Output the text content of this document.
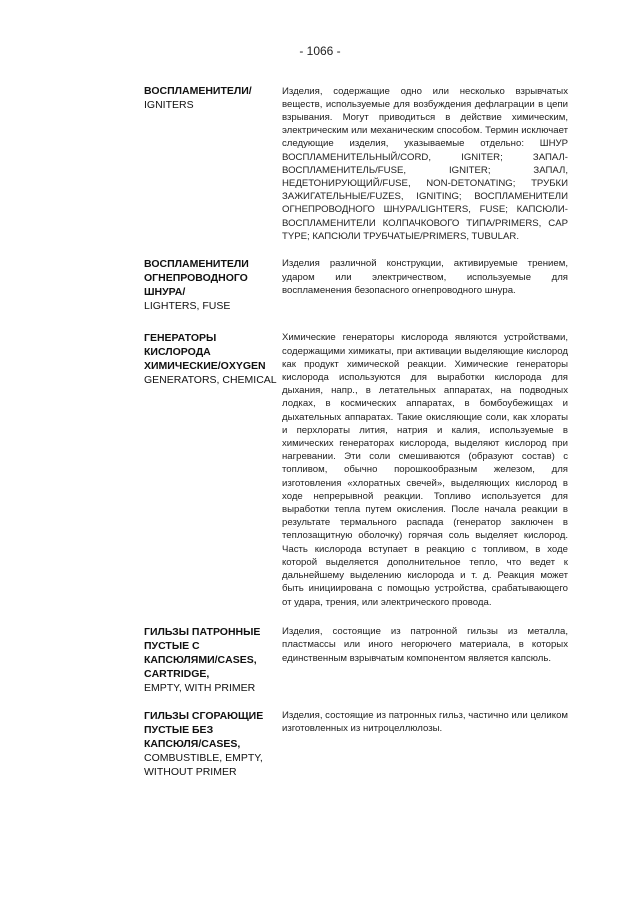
- 1066 -
ВОСПЛАМЕНИТЕЛИ/
IGNITERS
Изделия, содержащие одно или несколько взрывчатых веществ, используемые для возбуждения дефлаграции в цепи взрывания. Могут приводиться в действие химическим, электрическим или механическим способом. Термин исключает следующие изделия, указываемые отдельно: ШНУР ВОСПЛАМЕНИТЕЛЬНЫЙ/CORD, IGNITER; ЗАПАЛ-ВОСПЛАМЕНИТЕЛЬ/FUSE, IGNITER; ЗАПАЛ, НЕДЕТОНИРУЮЩИЙ/FUSE, NON-DETONATING; ТРУБКИ ЗАЖИГАТЕЛЬНЫЕ/FUZES, IGNITING; ВОСПЛАМЕНИТЕЛИ ОГНЕПРОВОДНОГО ШНУРА/LIGHTERS, FUSE; КАПСЮЛИ-ВОСПЛАМЕНИТЕЛИ КОЛПАЧКОВОГО ТИПА/PRIMERS, CAP TYPE; КАПСЮЛИ ТРУБЧАТЫЕ/PRIMERS, TUBULAR.
ВОСПЛАМЕНИТЕЛИ ОГНЕПРОВОДНОГО ШНУРА/
LIGHTERS, FUSE
Изделия различной конструкции, активируемые трением, ударом или электричеством, используемые для воспламенения безопасного огнепроводного шнура.
ГЕНЕРАТОРЫ КИСЛОРОДА ХИМИЧЕСКИЕ/OXYGEN
GENERATORS, CHEMICAL
Химические генераторы кислорода являются устройствами, содержащими химикаты, при активации выделяющие кислород как продукт химической реакции. Химические генераторы кислорода используются для выработки кислорода для дыхания, напр., в летательных аппаратах, на подводных лодках, в космических аппаратах, в бомбоубежищах и дыхательных аппаратах. Такие окисляющие соли, как хлораты и перхлораты лития, натрия и калия, используемые в химических генераторах кислорода, выделяют кислород при нагревании. Эти соли смешиваются (образуют состав) с топливом, обычно порошкообразным железом, для изготовления «хлоратных свечей», выделяющих кислород в ходе непрерывной реакции. Топливо используется для выработки тепла путем окисления. После начала реакции в результате термального распада (генератор заключен в теплозащитную оболочку) горячая соль выделяет кислород. Часть кислорода вступает в реакцию с топливом, в ходе которой выделяется дополнительное тепло, что ведет к дальнейшему выделению кислорода и т. д. Реакция может быть инициирована с помощью устройства, срабатывающего от удара, трения, или электрического провода.
ГИЛЬЗЫ ПАТРОННЫЕ ПУСТЫЕ С КАПСЮЛЯМИ/CASES, CARTRIDGE,
EMPTY, WITH PRIMER
Изделия, состоящие из патронной гильзы из металла, пластмассы или иного негорючего материала, в которых единственным взрывчатым компонентом является капсюль.
ГИЛЬЗЫ СГОРАЮЩИЕ ПУСТЫЕ БЕЗ КАПСЮЛЯ/CASES,
COMBUSTIBLE, EMPTY, WITHOUT PRIMER
Изделия, состоящие из патронных гильз, частично или целиком изготовленных из нитроцеллюлозы.
